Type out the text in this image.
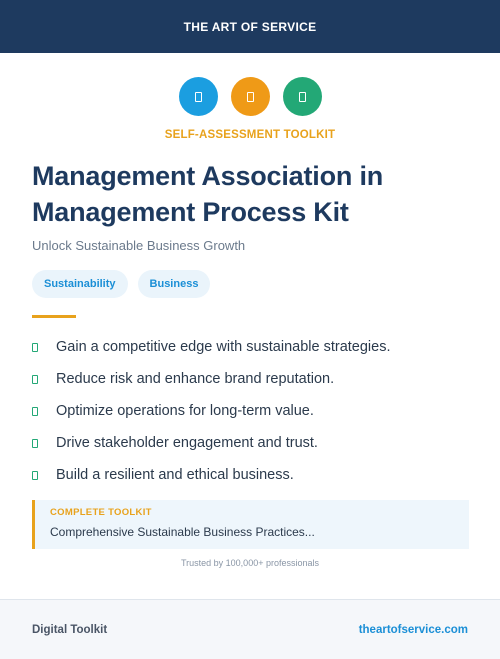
THE ART OF SERVICE
SELF-ASSESSMENT TOOLKIT
Management Association in Management Process Kit
Unlock Sustainable Business Growth
Sustainability	Business
Gain a competitive edge with sustainable strategies.
Reduce risk and enhance brand reputation.
Optimize operations for long-term value.
Drive stakeholder engagement and trust.
Build a resilient and ethical business.
COMPLETE TOOLKIT
Comprehensive Sustainable Business Practices...
Trusted by 100,000+ professionals
Digital Toolkit	theartofservice.com
